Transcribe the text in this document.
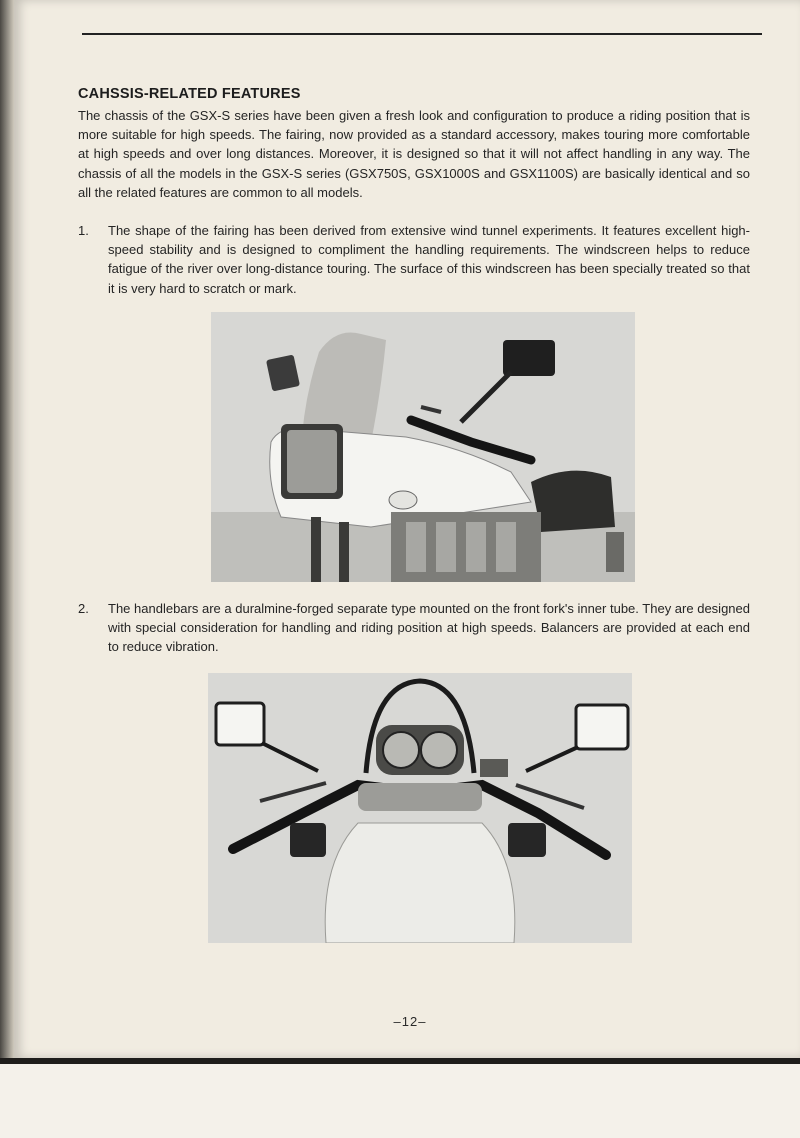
CAHSSIS-RELATED FEATURES
The chassis of the GSX-S series have been given a fresh look and configuration to produce a riding position that is more suitable for high speeds. The fairing, now provided as a standard accessory, makes touring more comfortable at high speeds and over long distances. Moreover, it is designed so that it will not affect handling in any way. The chassis of all the models in the GSX-S series (GSX750S, GSX1000S and GSX1100S) are basically identical and so all the related features are common to all models.
1.	The shape of the fairing has been derived from extensive wind tunnel experiments. It features excellent high-speed stability and is designed to compliment the handling requirements. The windscreen helps to reduce fatigue of the river over long-distance touring. The surface of this windscreen has been specially treated so that it is very hard to scratch or mark.
2.	The handlebars are a duralmine-forged separate type mounted on the front fork's inner tube. They are designed with special consideration for handling and riding position at high speeds. Balancers are provided at each end to reduce vibration.
–12–
